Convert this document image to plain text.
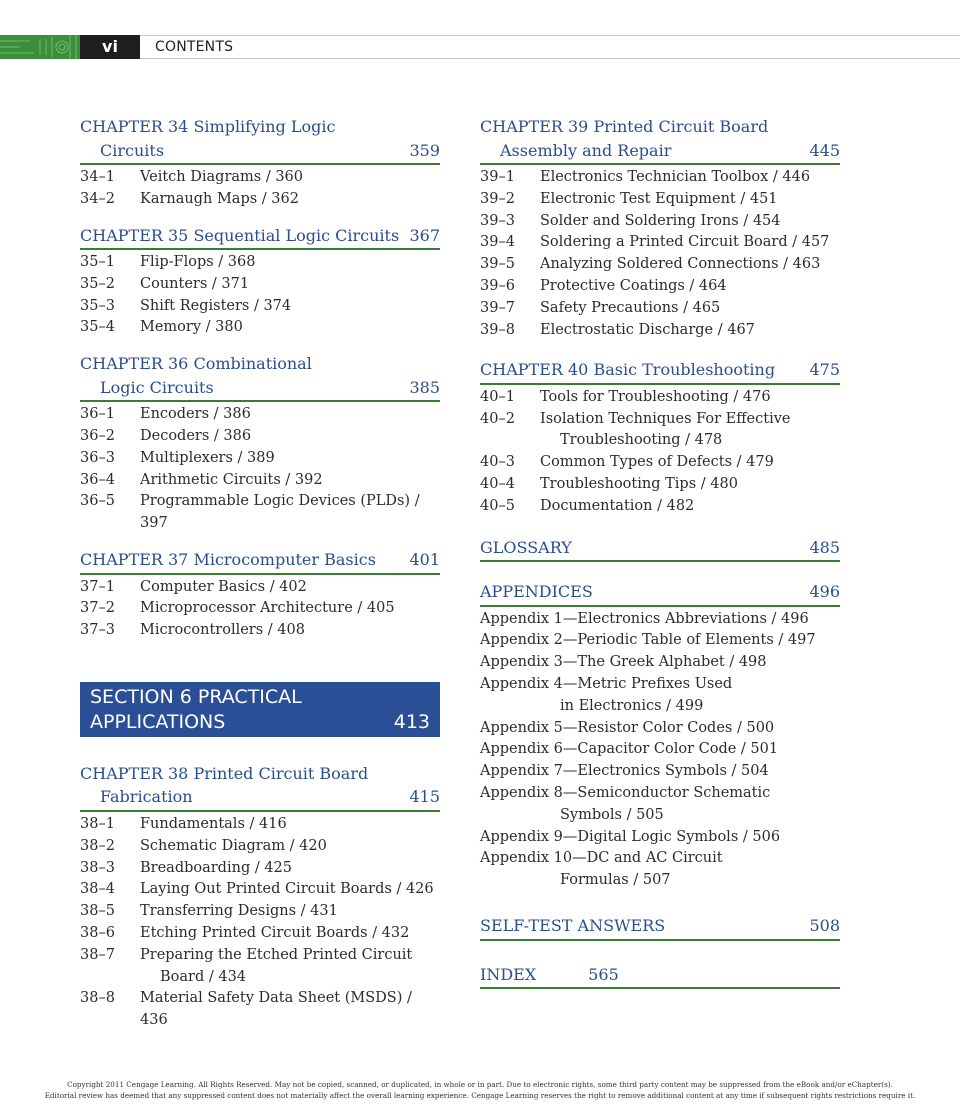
vi	CONTENTS
CHAPTER 34 Simplifying Logic
Circuits	359
34–1	Veitch Diagrams / 360
34–2	Karnaugh Maps / 362
CHAPTER 35 Sequential Logic Circuits 367
35–1	Flip-Flops / 368
35–2	Counters / 371
35–3	Shift Registers / 374
35–4	Memory / 380
CHAPTER 36 Combinational
Logic Circuits	385
36–1	Encoders / 386
36–2	Decoders / 386
36–3	Multiplexers / 389
36–4	Arithmetic Circuits / 392
36–5	Programmable Logic Devices (PLDs) / 397
CHAPTER 37 Microcomputer Basics 401
37–1	Computer Basics / 402
37–2	Microprocessor Architecture / 405
37–3	Microcontrollers / 408
SECTION 6 PRACTICAL
APPLICATIONS	413
CHAPTER 38 Printed Circuit Board
Fabrication	415
38–1	Fundamentals / 416
38–2	Schematic Diagram / 420
38–3	Breadboarding / 425
38–4	Laying Out Printed Circuit Boards / 426
38–5	Transferring Designs / 431
38–6	Etching Printed Circuit Boards / 432
38–7	Preparing the Etched Printed Circuit
Board / 434
38–8	Material Safety Data Sheet (MSDS) / 436
CHAPTER 39 Printed Circuit Board
Assembly and Repair	445
39–1	Electronics Technician Toolbox / 446
39–2	Electronic Test Equipment / 451
39–3	Solder and Soldering Irons / 454
39–4	Soldering a Printed Circuit Board / 457
39–5	Analyzing Soldered Connections / 463
39–6	Protective Coatings / 464
39–7	Safety Precautions / 465
39–8	Electrostatic Discharge / 467
CHAPTER 40 Basic Troubleshooting 475
40–1	Tools for Troubleshooting / 476
40–2	Isolation Techniques For Effective
Troubleshooting / 478
40–3	Common Types of Defects / 479
40–4	Troubleshooting Tips / 480
40–5	Documentation / 482
GLOSSARY	485
APPENDICES	496
Appendix 1—Electronics Abbreviations / 496
Appendix 2—Periodic Table of Elements / 497
Appendix 3—The Greek Alphabet / 498
Appendix 4—Metric Prefixes Used
in Electronics / 499
Appendix 5—Resistor Color Codes / 500
Appendix 6—Capacitor Color Code / 501
Appendix 7—Electronics Symbols / 504
Appendix 8—Semiconductor Schematic
Symbols / 505
Appendix 9—Digital Logic Symbols / 506
Appendix 10—DC and AC Circuit
Formulas / 507
SELF-TEST ANSWERS	508
INDEX	565
Copyright 2011 Cengage Learning. All Rights Reserved. May not be copied, scanned, or duplicated, in whole or in part. Due to electronic rights, some third party content may be suppressed from the eBook and/or eChapter(s).
Editorial review has deemed that any suppressed content does not materially affect the overall learning experience. Cengage Learning reserves the right to remove additional content at any time if subsequent rights restrictions require it.
